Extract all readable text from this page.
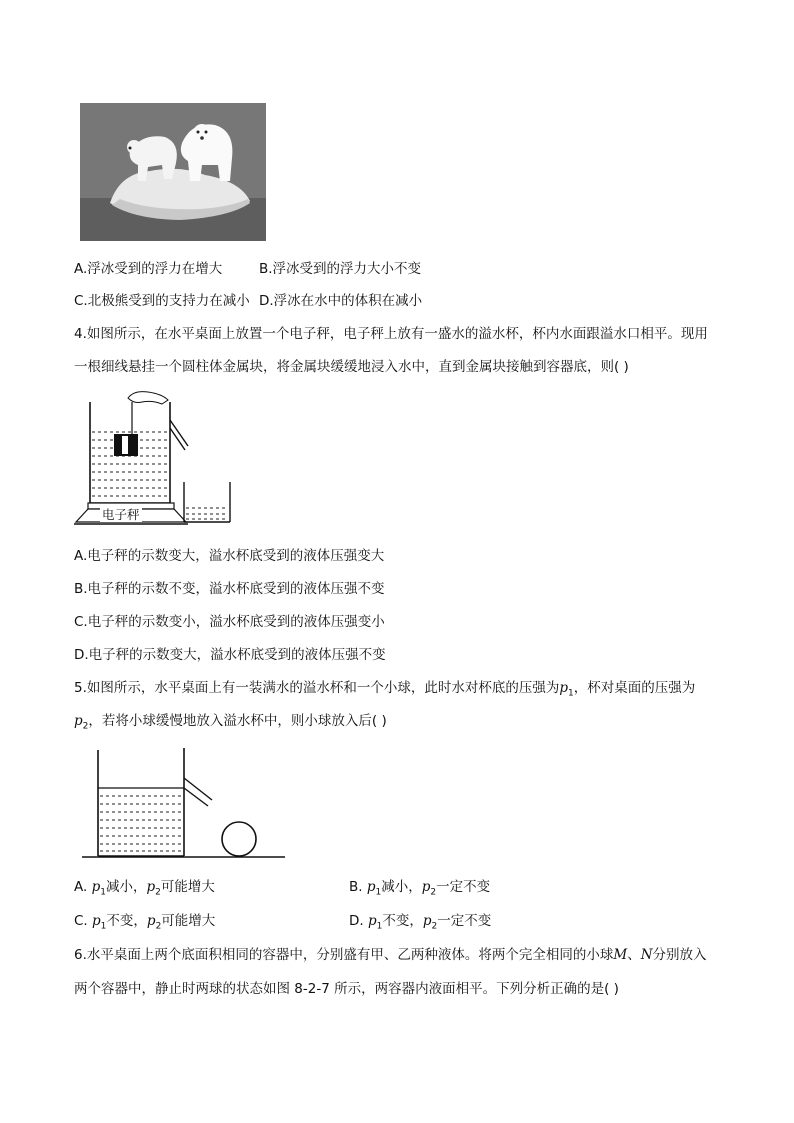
A.浮冰受到的浮力在增大	B.浮冰受到的浮力大小不变
C.北极熊受到的支持力在减小 D.浮冰在水中的体积在减小
4.如图所示，在水平桌面上放置一个电子秤，电子秤上放有一盛水的溢水杯，杯内水面跟溢水口相平。现用
一根细线悬挂一个圆柱体金属块，将金属块缓缓地浸入水中，直到金属块接触到容器底，则( )
电子秤
A.电子秤的示数变大，溢水杯底受到的液体压强变大
B.电子秤的示数不变，溢水杯底受到的液体压强不变
C.电子秤的示数变小，溢水杯底受到的液体压强变小
D.电子秤的示数变大，溢水杯底受到的液体压强不变
5.如图所示，水平桌面上有一装满水的溢水杯和一个小球，此时水对杯底的压强为$p_1$，杯对桌面的压强为
$p_2$，若将小球缓慢地放入溢水杯中，则小球放入后( )
A. $p_1$减小，$p_2$可能增大	B. $p_1$减小，$p_2$一定不变
C. $p_1$不变，$p_2$可能增大	D. $p_1$不变，$p_2$一定不变
6.水平桌面上两个底面积相同的容器中，分别盛有甲、乙两种液体。将两个完全相同的小球M、N分别放入
两个容器中，静止时两球的状态如图 8-2-7 所示，两容器内液面相平。下列分析正确的是( )
